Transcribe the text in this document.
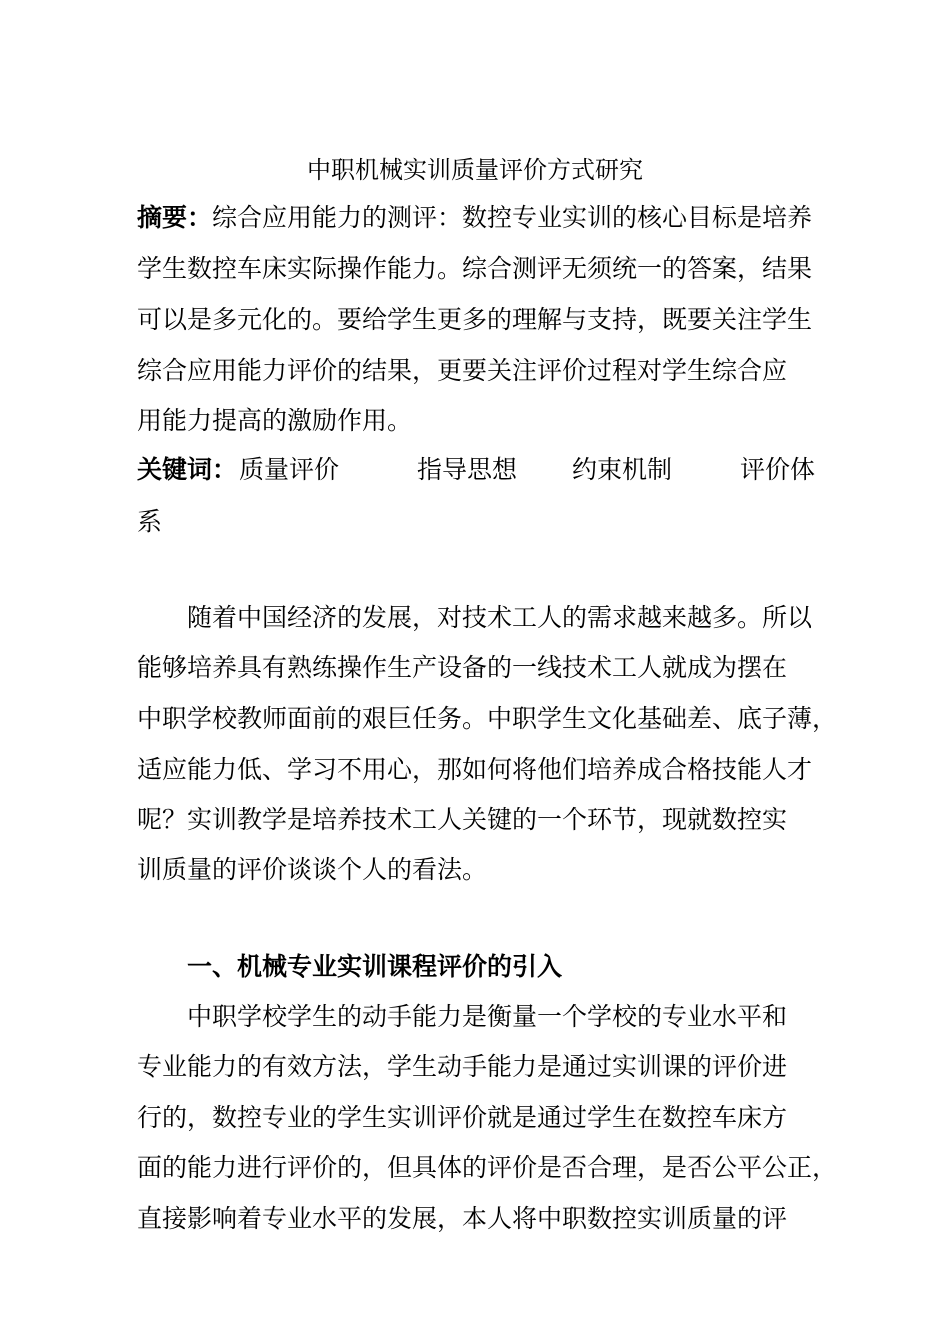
中职机械实训质量评价方式研究

摘要：综合应用能力的测评：数控专业实训的核心目标是培养

学生数控车床实际操作能力。综合测评无须统一的答案，结果

可以是多元化的。要给学生更多的理解与支持，既要关注学生

综合应用能力评价的结果，更要关注评价过程对学生综合应

用能力提高的激励作用。

关键词： 质量评价	指导思想 约束机制	评价体

系

随着中国经济的发展，对技术工人的需求越来越多。所以

能够培养具有熟练操作生产设备的一线技术工人就成为摆在

中职学校教师面前的艰巨任务。中职学生文化基础差、底子薄，

适应能力低、学习不用心，那如何将他们培养成合格技能人才

呢？实训教学是培养技术工人关键的一个环节，现就数控实

训质量的评价谈谈个人的看法。

一、机械专业实训课程评价的引入

中职学校学生的动手能力是衡量一个学校的专业水平和

专业能力的有效方法，学生动手能力是通过实训课的评价进

行的，数控专业的学生实训评价就是通过学生在数控车床方

面的能力进行评价的，但具体的评价是否合理，是否公平公正，

直接影响着专业水平的发展，本人将中职数控实训质量的评
